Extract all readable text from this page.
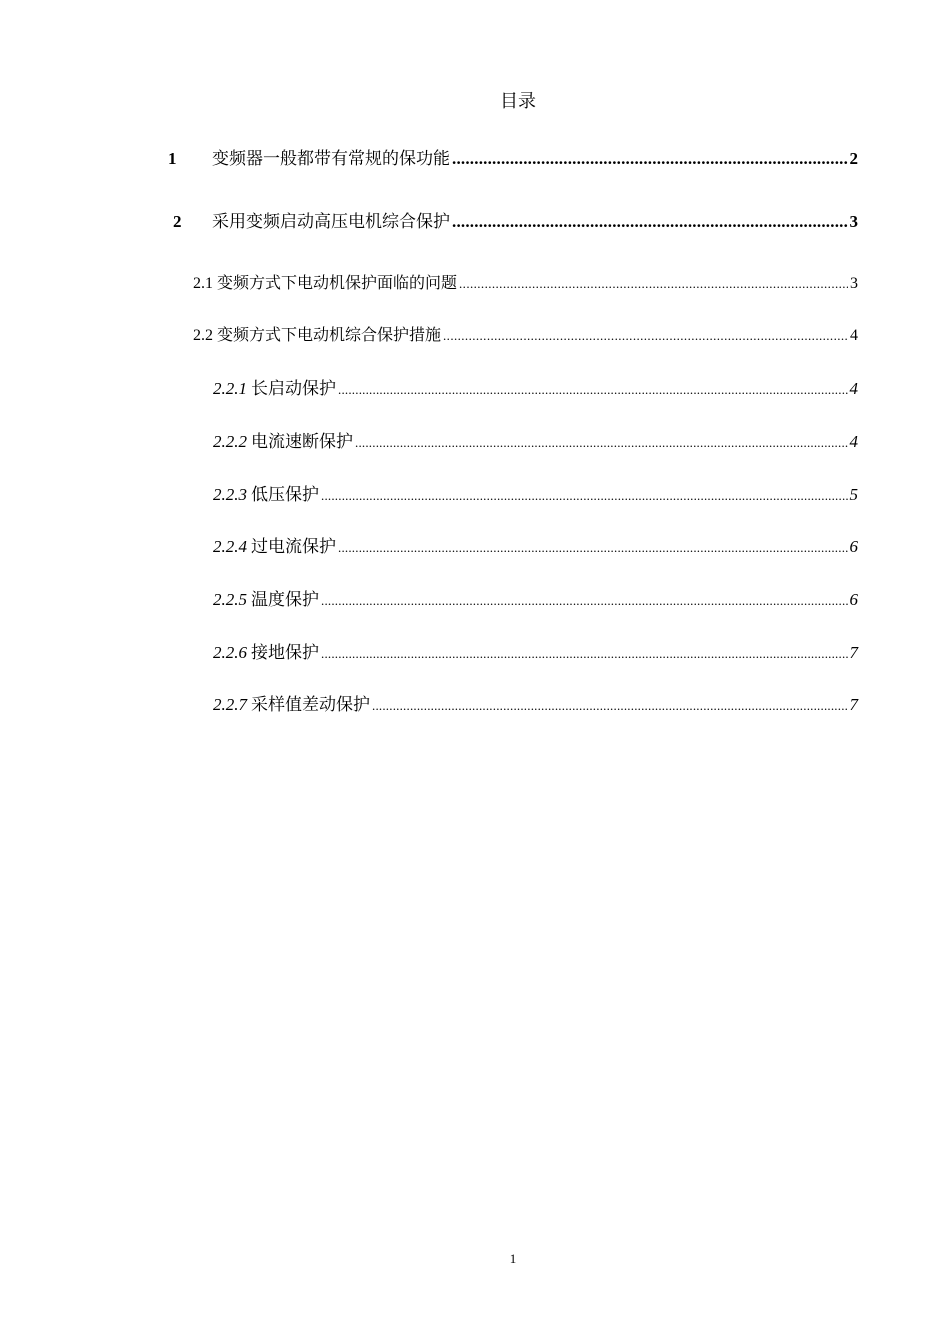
目录
1	变频器一般都带有常规的保功能 .....	2
2	采用变频启动高压电机综合保护 .....	3
2.1 变频方式下电动机保护面临的问题 .....	3
2.2 变频方式下电动机综合保护措施 .....	4
2.2.1 长启动保护 .....	4
2.2.2 电流速断保护 .....	4
2.2.3 低压保护 .....	5
2.2.4 过电流保护 .....	6
2.2.5 温度保护 .....	6
2.2.6 接地保护 .....	7
2.2.7 采样值差动保护 .....	7
1
